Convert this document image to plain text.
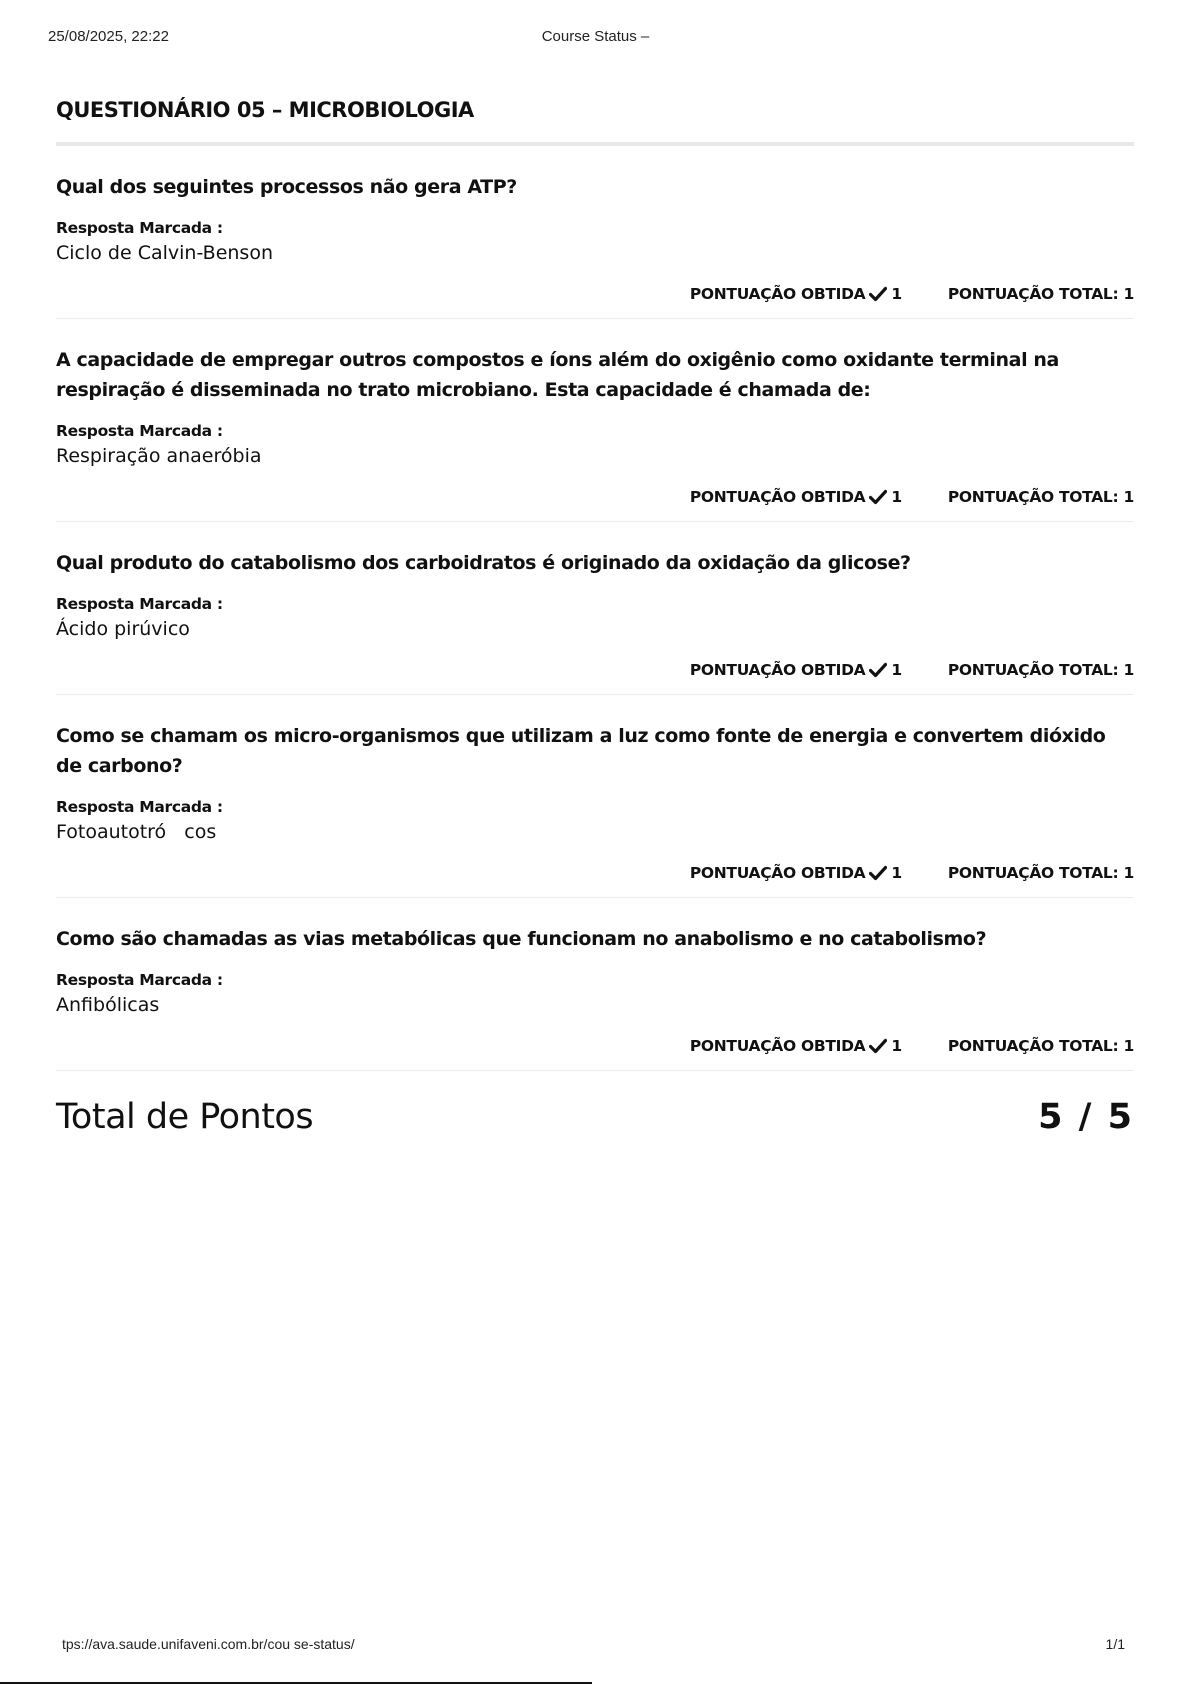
25/08/2025, 22:22	Course Status –
QUESTIONÁRIO 05 – MICROBIOLOGIA

Qual dos seguintes processos não gera ATP?

Resposta Marcada :
Ciclo de Calvin-Benson
PONTUAÇÃO OBTIDA 1	PONTUAÇÃO TOTAL: 1

A capacidade de empregar outros compostos e íons além do oxigênio como oxidante terminal na respiração é disseminada no trato microbiano. Esta capacidade é chamada de:

Resposta Marcada :
Respiração anaeróbia
PONTUAÇÃO OBTIDA 1	PONTUAÇÃO TOTAL: 1

Qual produto do catabolismo dos carboidratos é originado da oxidação da glicose?

Resposta Marcada :
Ácido pirúvico
PONTUAÇÃO OBTIDA 1	PONTUAÇÃO TOTAL: 1

Como se chamam os micro-organismos que utilizam a luz como fonte de energia e convertem dióxido de carbono?

Resposta Marcada :
Fotoautotró   cos
PONTUAÇÃO OBTIDA 1	PONTUAÇÃO TOTAL: 1

Como são chamadas as vias metabólicas que funcionam no anabolismo e no catabolismo?

Resposta Marcada :
Anfibólicas
PONTUAÇÃO OBTIDA 1	PONTUAÇÃO TOTAL: 1
Total de Pontos	5 / 5
tps://ava.saude.unifaveni.com.br/cou se-status/	1/1
